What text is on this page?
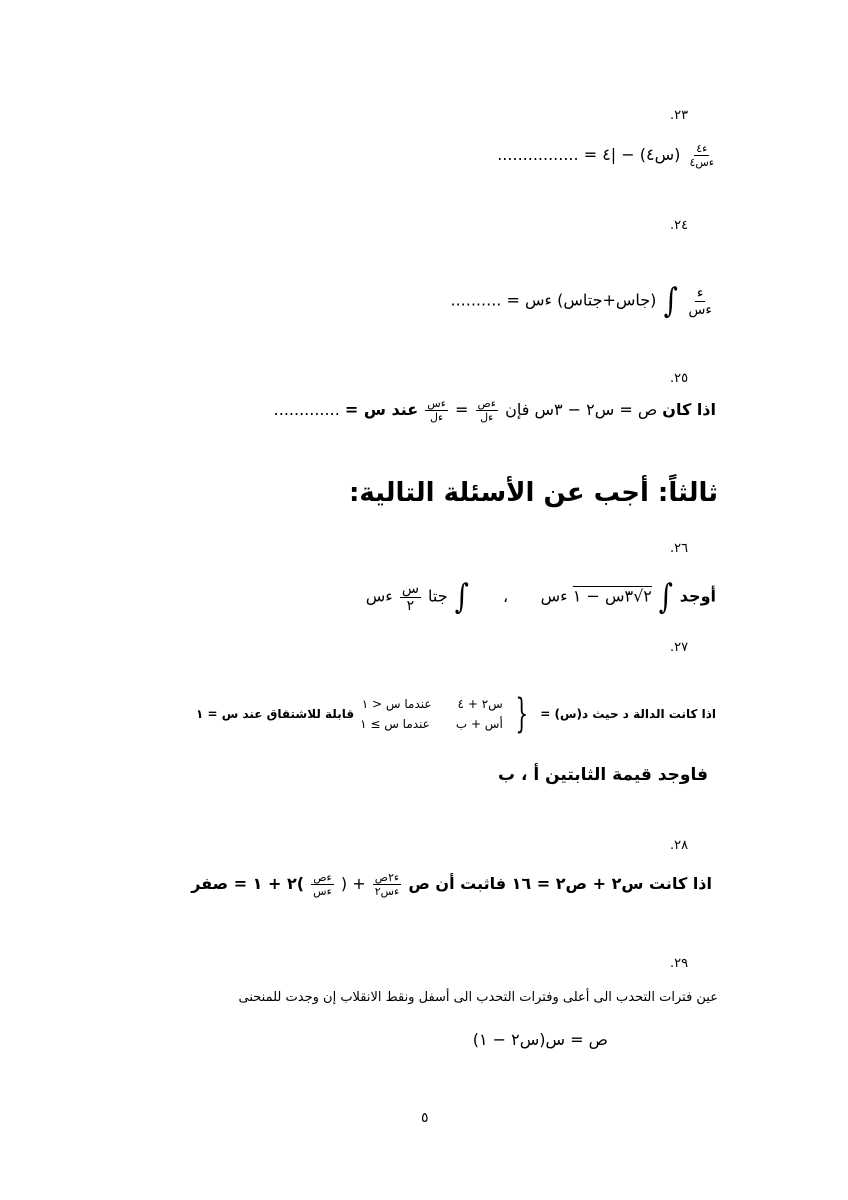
.٢٣
$\frac{\text{ء٤}}{\text{ءس٤}}$
(س٤) − |٤ = ................
.٢٤
$\frac{\text{ء}}{\text{ءس}}$
∫ (جاس+جتاس) ءس = ..........
.٢٥
اذا كان ص = س٢ − ٣س فإن
$\frac{\text{ءص}}{\text{ءل}}$
=
$\frac{\text{ءس}}{\text{ءل}}$
عند س = .............
ثالثاً: أجب عن الأسئلة التالية:
.٢٦
أوجد ∫ ٢√٣س − ١ ءس ، ∫ جتا
$\frac{\text{س}}{٢}$
ءس
.٢٧
اذا كانت الدالة د حيث د(س) =
{
س٢ + ٤
عندما س < ١
أس + ب
عندما س ≥ ١
قابلة للاشتقاق عند س = ١
فاوجد قيمة الثابتين أ ، ب
.٢٨
اذا كانت س٢ + ص٢ = ١٦ فاثبت أن ص
$\frac{\text{ء٢ص}}{\text{ءس٢}}$
+ (
$\frac{\text{ءص}}{\text{ءس}}$
)٢ + ١ = صفر
.٢٩
عين فترات التحدب الى أعلى وفترات التحدب الى أسفل ونقط الانقلاب إن وجدت للمنحنى
ص = س(س٢ − ١)
٥
